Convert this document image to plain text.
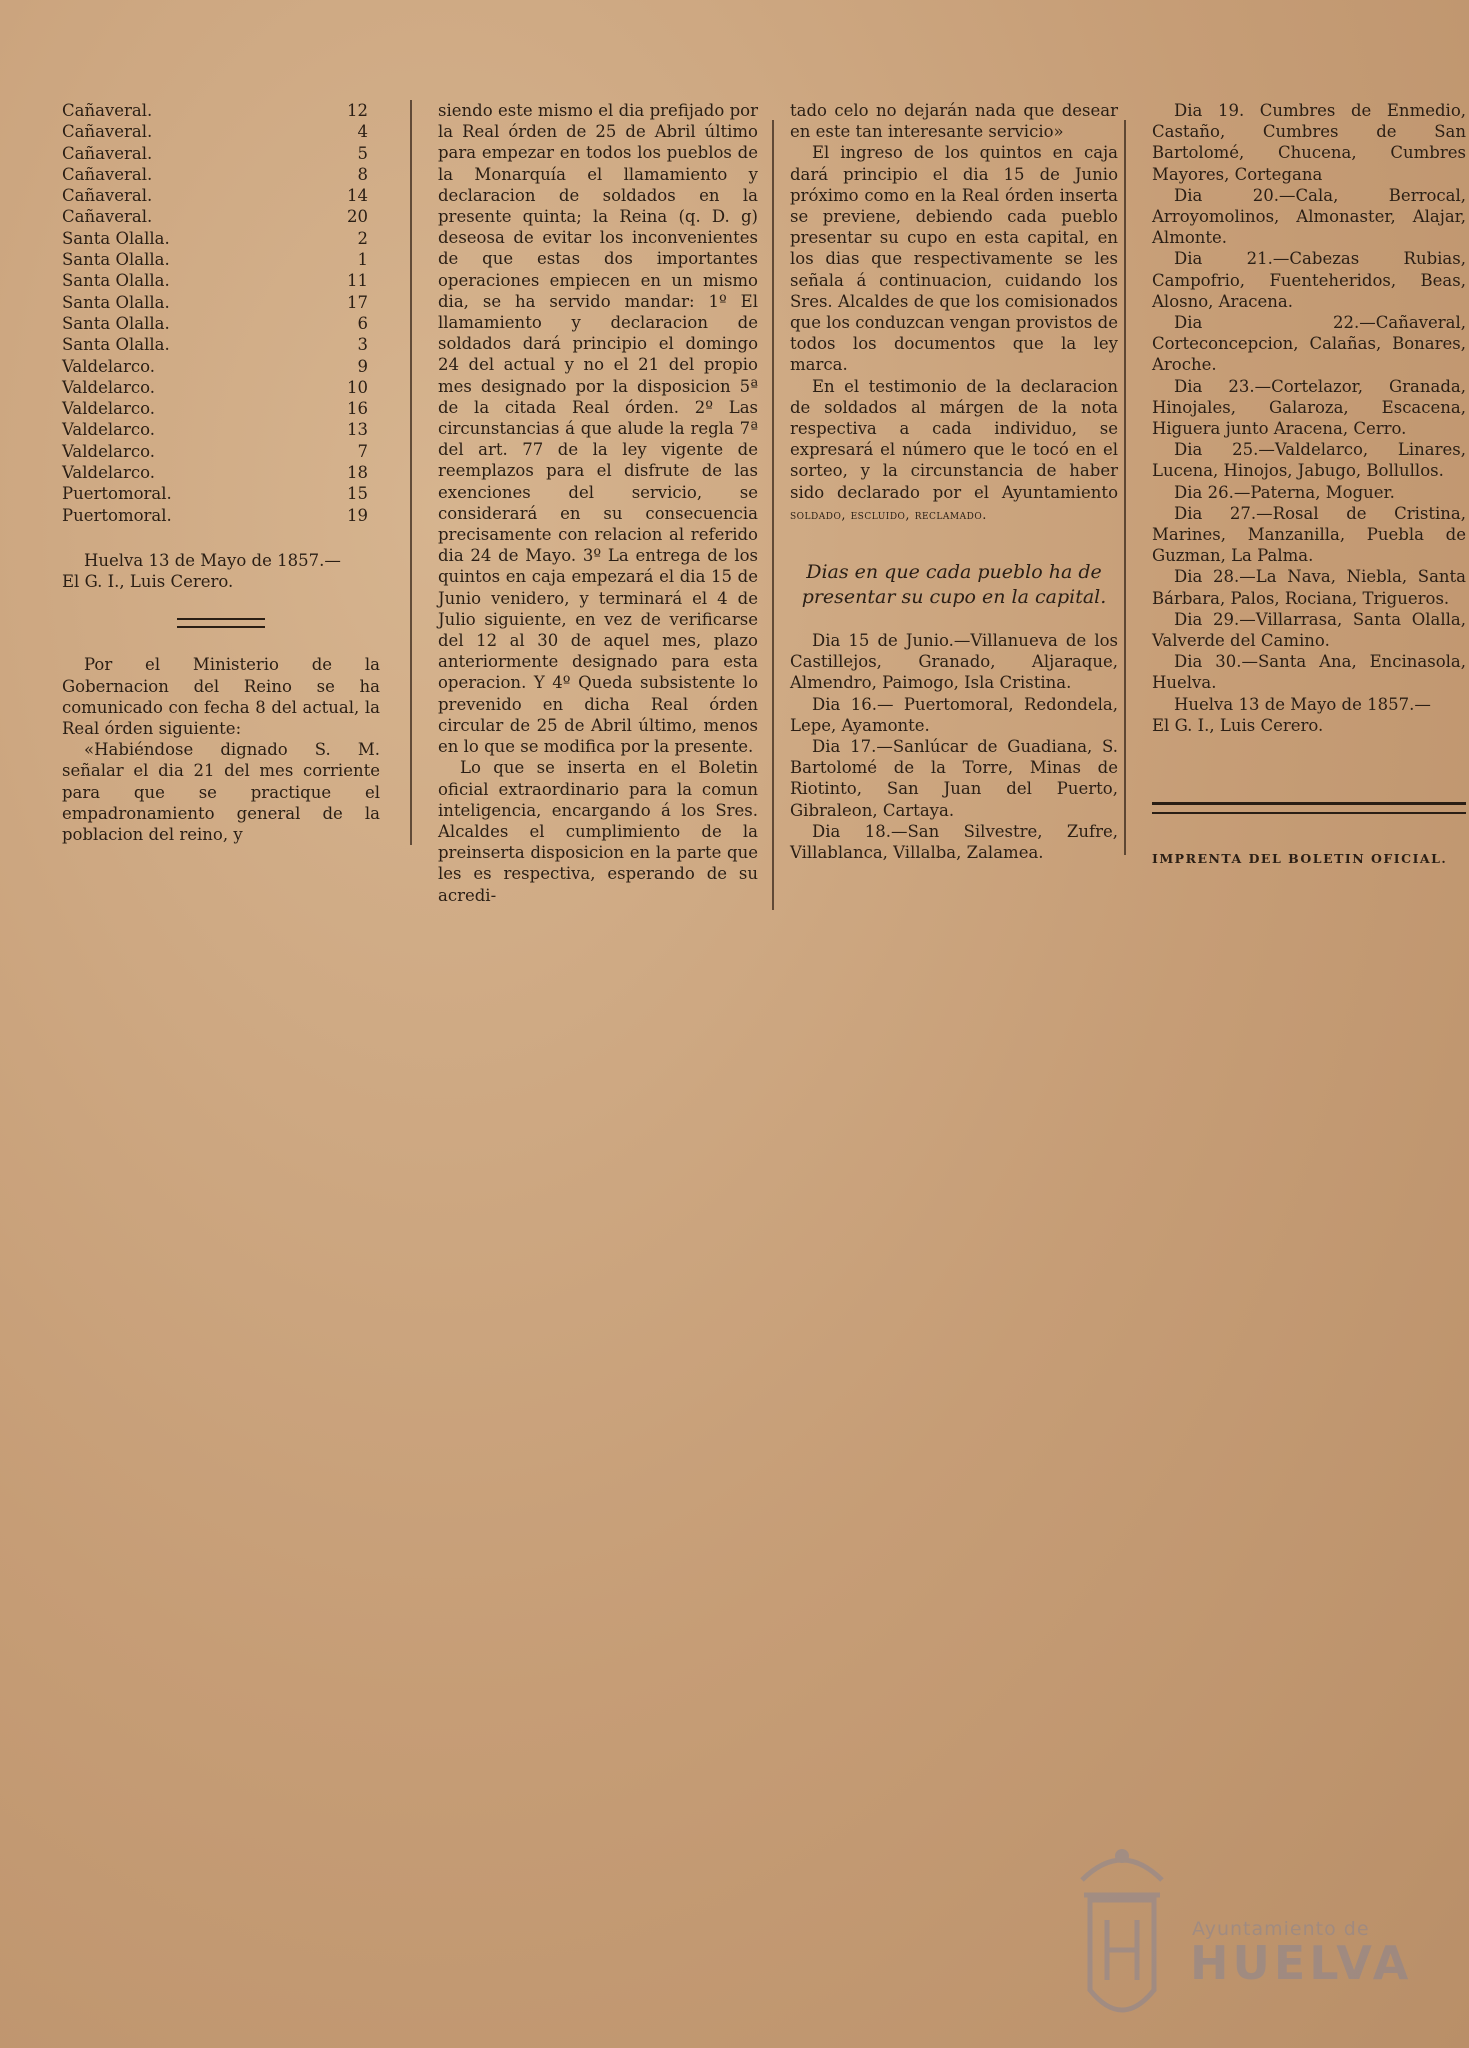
Cañaveral.	12
Cañaveral.	4
Cañaveral.	5
Cañaveral.	8
Cañaveral.	14
Cañaveral.	20
Santa Olalla.	2
Santa Olalla.	1
Santa Olalla.	11
Santa Olalla.	17
Santa Olalla.	6
Santa Olalla.	3
Valdelarco.	9
Valdelarco.	10
Valdelarco.	16
Valdelarco.	13
Valdelarco.	7
Valdelarco.	18
Puertomoral.	15
Puertomoral.	19

Huelva 13 de Mayo de 1857.—

El G. I., Luis Cerero.

Por el Ministerio de la Gobernacion del Reino se ha comunicado con fecha 8 del actual, la Real órden siguiente:

«Habiéndose dignado S. M. señalar el dia 21 del mes corriente para que se practique el empadronamiento general de la poblacion del reino, y

siendo este mismo el dia prefijado por la Real órden de 25 de Abril último para empezar en todos los pueblos de la Monarquía el llamamiento y declaracion de soldados en la presente quinta; la Reina (q. D. g) deseosa de evitar los inconvenientes de que estas dos importantes operaciones empiecen en un mismo dia, se ha servido mandar: 1º El llamamiento y declaracion de soldados dará principio el domingo 24 del actual y no el 21 del propio mes designado por la disposicion 5ª de la citada Real órden. 2º Las circunstancias á que alude la regla 7ª del art. 77 de la ley vigente de reemplazos para el disfrute de las exenciones del servicio, se considerará en su consecuencia precisamente con relacion al referido dia 24 de Mayo. 3º La entrega de los quintos en caja empezará el dia 15 de Junio venidero, y terminará el 4 de Julio siguiente, en vez de verificarse del 12 al 30 de aquel mes, plazo anteriormente designado para esta operacion. Y 4º Queda subsistente lo prevenido en dicha Real órden circular de 25 de Abril último, menos en lo que se modifica por la presente.

Lo que se inserta en el Boletin oficial extraordinario para la comun inteligencia, encargando á los Sres. Alcaldes el cumplimiento de la preinserta disposicion en la parte que les es respectiva, esperando de su acredi-

tado celo no dejarán nada que desear en este tan interesante servicio»

El ingreso de los quintos en caja dará principio el dia 15 de Junio próximo como en la Real órden inserta se previene, debiendo cada pueblo presentar su cupo en esta capital, en los dias que respectivamente se les señala á continuacion, cuidando los Sres. Alcaldes de que los comisionados que los conduzcan vengan provistos de todos los documentos que la ley marca.

En el testimonio de la declaracion de soldados al márgen de la nota respectiva a cada individuo, se expresará el número que le tocó en el sorteo, y la circunstancia de haber sido declarado por el Ayuntamiento soldado, escluido, reclamado.

Dias en que cada pueblo ha de presentar su cupo en la capital.

Dia 15 de Junio.—Villanueva de los Castillejos, Granado, Aljaraque, Almendro, Paimogo, Isla Cristina.

Dia 16.— Puertomoral, Redondela, Lepe, Ayamonte.

Dia 17.—Sanlúcar de Guadiana, S. Bartolomé de la Torre, Minas de Riotinto, San Juan del Puerto, Gibraleon, Cartaya.

Dia 18.—San Silvestre, Zufre, Villablanca, Villalba, Zalamea.

Dia 19. Cumbres de Enmedio, Castaño, Cumbres de San Bartolomé, Chucena, Cumbres Mayores, Cortegana

Dia 20.—Cala, Berrocal, Arroyomolinos, Almonaster, Alajar, Almonte.

Dia 21.—Cabezas Rubias, Campofrio, Fuenteheridos, Beas, Alosno, Aracena.

Dia 22.—Cañaveral, Corteconcepcion, Calañas, Bonares, Aroche.

Dia 23.—Cortelazor, Granada, Hinojales, Galaroza, Escacena, Higuera junto Aracena, Cerro.

Dia 25.—Valdelarco, Linares, Lucena, Hinojos, Jabugo, Bollullos.

Dia 26.—Paterna, Moguer.

Dia 27.—Rosal de Cristina, Marines, Manzanilla, Puebla de Guzman, La Palma.

Dia 28.—La Nava, Niebla, Santa Bárbara, Palos, Rociana, Trigueros.

Dia 29.—Villarrasa, Santa Olalla, Valverde del Camino.

Dia 30.—Santa Ana, Encinasola, Huelva.

Huelva 13 de Mayo de 1857.—

El G. I., Luis Cerero.

IMPRENTA DEL BOLETIN OFICIAL.
Ayuntamiento de
HUELVA
